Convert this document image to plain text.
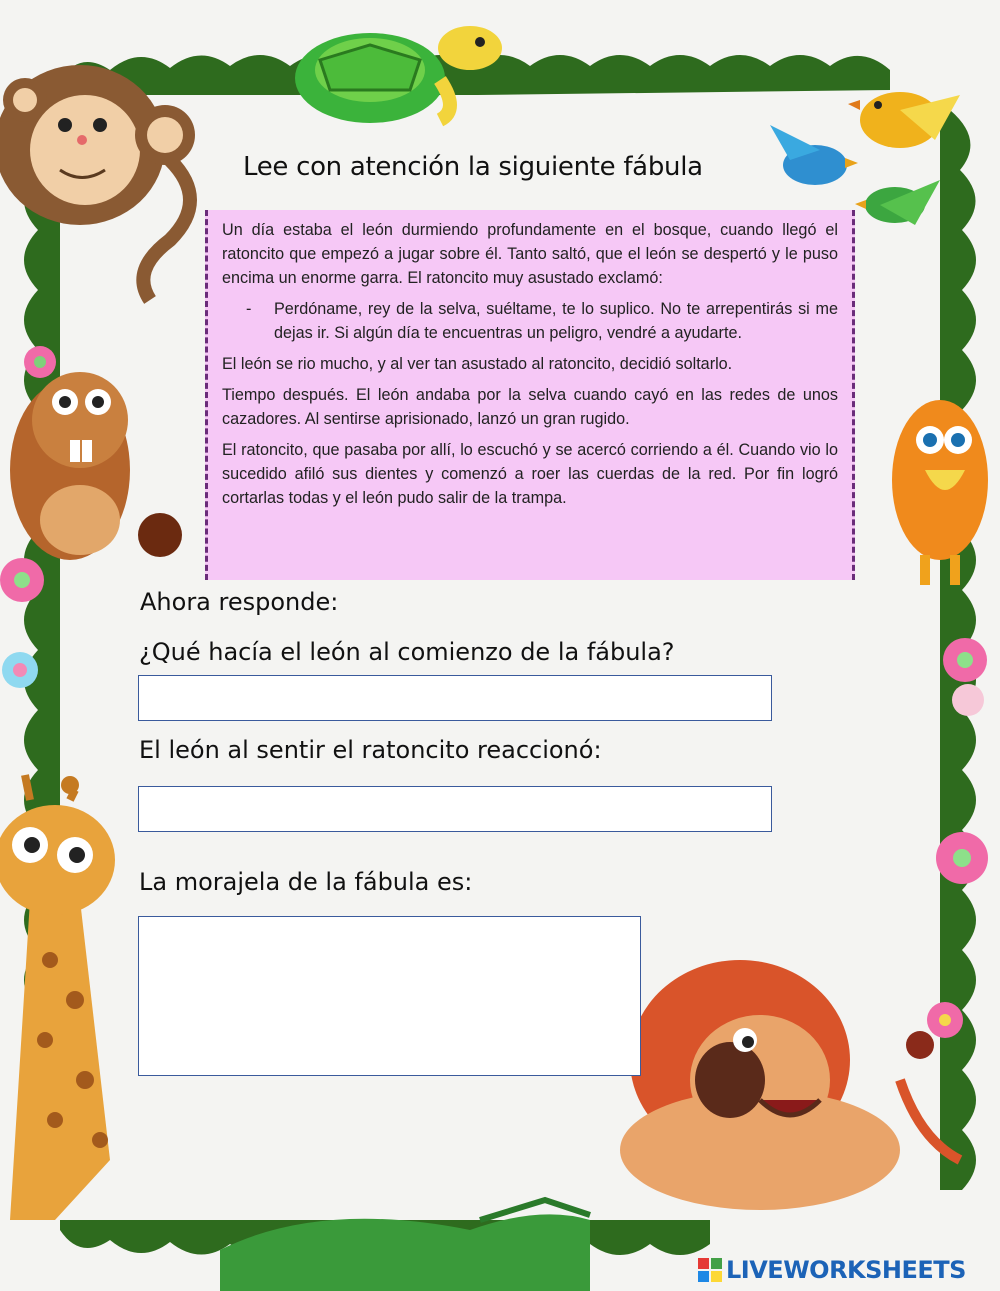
Lee con atención la siguiente fábula

Un día estaba el león durmiendo profundamente en el bosque, cuando llegó el ratoncito que empezó a jugar sobre él. Tanto saltó, que el león se despertó y le puso encima un enorme garra. El ratoncito muy asustado exclamó:

-	Perdóname, rey de la selva, suéltame, te lo suplico. No te arrepentirás si me dejas ir. Si algún día te encuentras un peligro, vendré a ayudarte.

El león se rio mucho, y al ver tan asustado al ratoncito, decidió soltarlo.

Tiempo después. El león andaba por la selva cuando cayó en las redes de unos cazadores. Al sentirse aprisionado, lanzó un gran rugido.

El ratoncito, que pasaba por allí, lo escuchó y se acercó corriendo a él. Cuando vio lo sucedido afiló sus dientes y comenzó a roer las cuerdas de la red. Por fin logró cortarlas todas y el león pudo salir de la trampa.

Ahora responde:
¿Qué hacía el león al comienzo de la fábula?
El león al sentir el ratoncito reaccionó:
La morajela de la fábula es:
LIVEWORKSHEETS
